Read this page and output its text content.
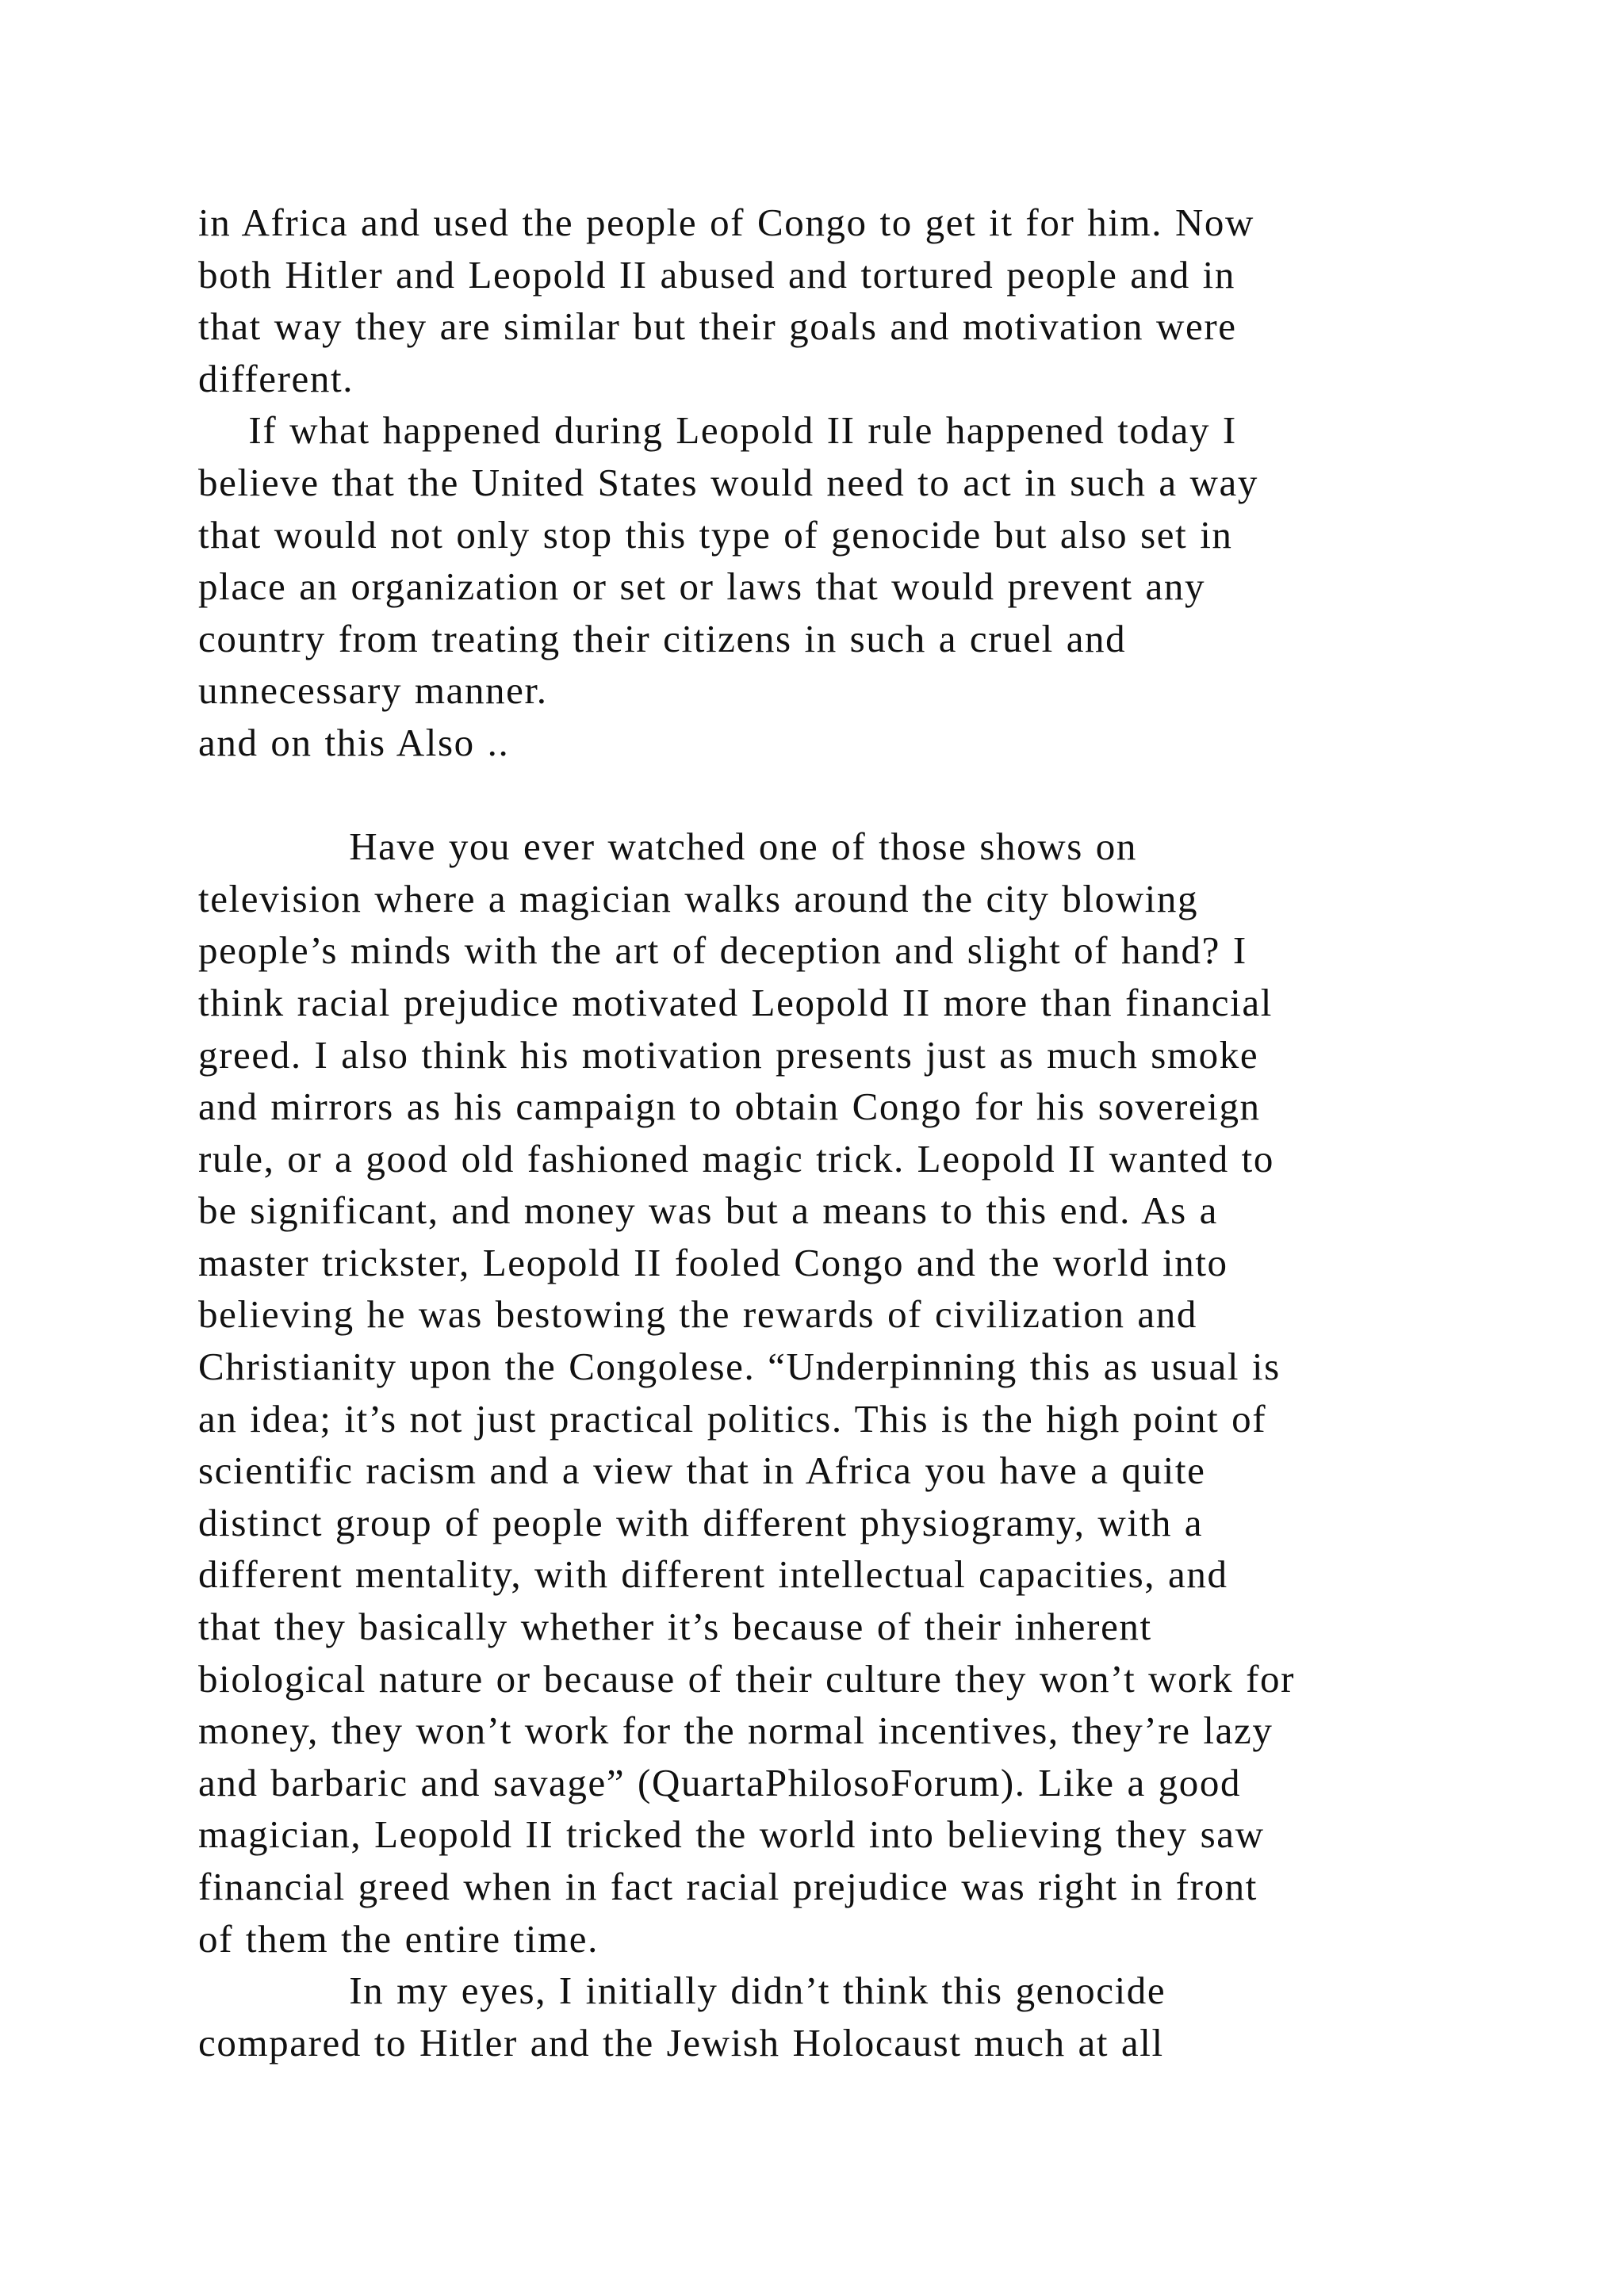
in Africa and used the people of Congo to get it for him. Now
both Hitler and Leopold II abused and tortured people and in
that way they are similar but their goals and motivation were
different.
If what happened during Leopold II rule happened today I
believe that the United States would need to act in such a way
that would not only stop this type of genocide but also set in
place an organization or set or laws that would prevent any
country from treating their citizens in such a cruel and
unnecessary manner.
and on this Also ..
Have you ever watched one of those shows on
television where a magician walks around the city blowing
people’s minds with the art of deception and slight of hand? I
think racial prejudice motivated Leopold II more than financial
greed. I also think his motivation presents just as much smoke
and mirrors as his campaign to obtain Congo for his sovereign
rule, or a good old fashioned magic trick. Leopold II wanted to
be significant, and money was but a means to this end. As a
master trickster, Leopold II fooled Congo and the world into
believing he was bestowing the rewards of civilization and
Christianity upon the Congolese. “Underpinning this as usual is
an idea; it’s not just practical politics. This is the high point of
scientific racism and a view that in Africa you have a quite
distinct group of people with different physiogramy, with a
different mentality, with different intellectual capacities, and
that they basically whether it’s because of their inherent
biological nature or because of their culture they won’t work for
money, they won’t work for the normal incentives, they’re lazy
and barbaric and savage” (QuartaPhilosoForum). Like a good
magician, Leopold II tricked the world into believing they saw
financial greed when in fact racial prejudice was right in front
of them the entire time.
In my eyes, I initially didn’t think this genocide
compared to Hitler and the Jewish Holocaust much at all
